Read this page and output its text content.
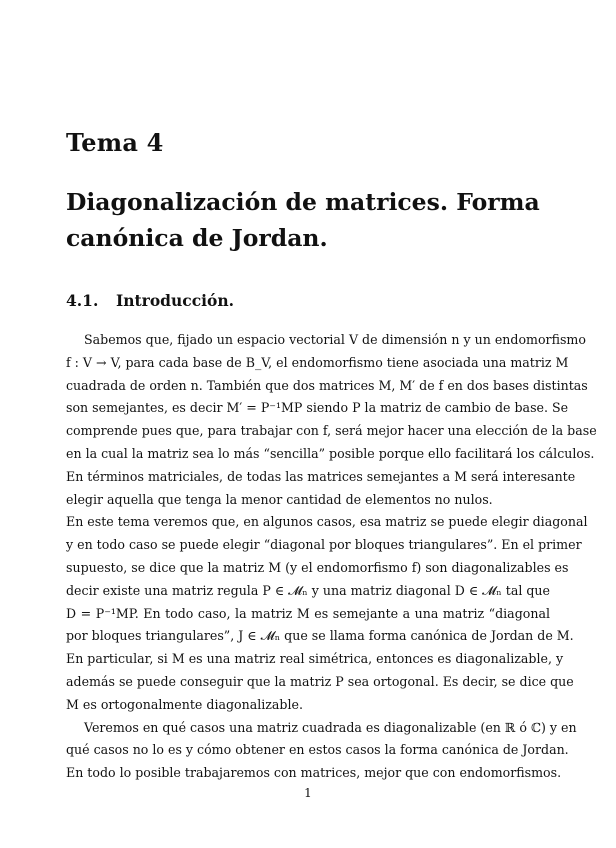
Tema 4
Diagonalización de matrices. Forma
canónica de Jordan.
4.1. Introducción.
Sabemos que, fijado un espacio vectorial V de dimensión n y un endomorfismo
f : V → V, para cada base de B_V, el endomorfismo tiene asociada una matriz M
cuadrada de orden n. También que dos matrices M, M′ de f en dos bases distintas
son semejantes, es decir M′ = P⁻¹MP siendo P la matriz de cambio de base. Se
comprende pues que, para trabajar con f, será mejor hacer una elección de la base
en la cual la matriz sea lo más “sencilla” posible porque ello facilitará los cálculos.
En términos matriciales, de todas las matrices semejantes a M será interesante
elegir aquella que tenga la menor cantidad de elementos no nulos.
En este tema veremos que, en algunos casos, esa matriz se puede elegir diagonal
y en todo caso se puede elegir “diagonal por bloques triangulares”. En el primer
supuesto, se dice que la matriz M (y el endomorfismo f) son diagonalizables es
decir existe una matriz regula P ∈ 𝓜ₙ y una matriz diagonal D ∈ 𝓜ₙ tal que
D = P⁻¹MP. En todo caso, la matriz M es semejante a una matriz “diagonal
por bloques triangulares”, J ∈ 𝓜ₙ que se llama forma canónica de Jordan de M.
En particular, si M es una matriz real simétrica, entonces es diagonalizable, y
además se puede conseguir que la matriz P sea ortogonal. Es decir, se dice que
M es ortogonalmente diagonalizable.
Veremos en qué casos una matriz cuadrada es diagonalizable (en ℝ ó ℂ) y en
qué casos no lo es y cómo obtener en estos casos la forma canónica de Jordan.
En todo lo posible trabajaremos con matrices, mejor que con endomorfismos.
1
